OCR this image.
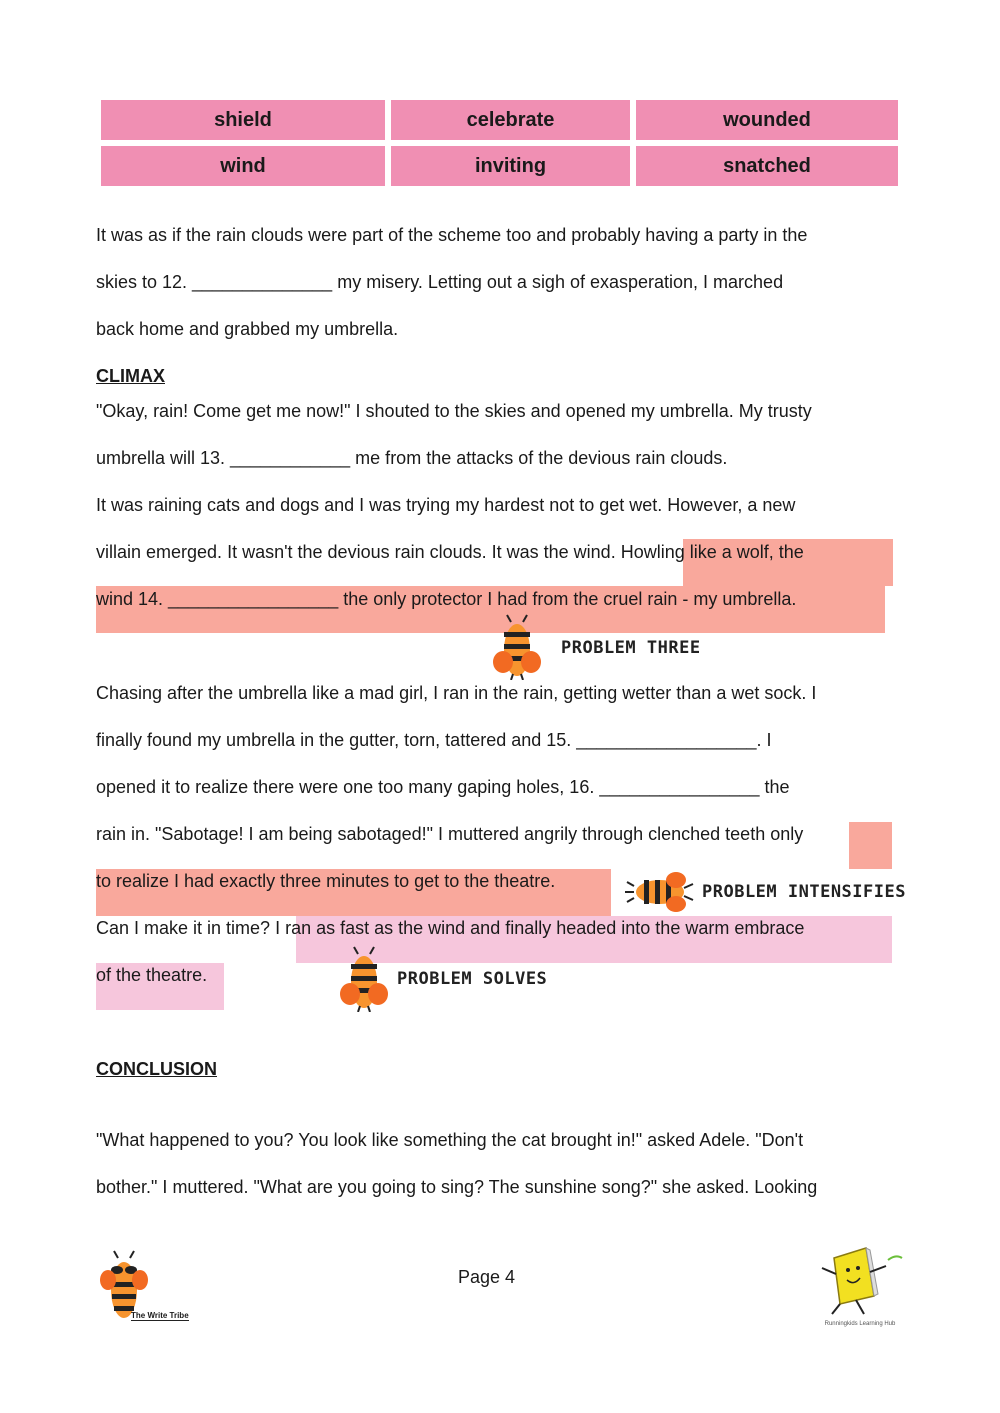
shield	celebrate	wounded
wind	inviting	snatched
It was as if the rain clouds were part of the scheme too and probably having a party in the
skies to 12. ______________ my misery. Letting out a sigh of exasperation, I marched
back home and grabbed my umbrella.
CLIMAX
"Okay, rain! Come get me now!" I shouted to the skies and opened my umbrella. My trusty
umbrella will 13. ____________ me from the attacks of the devious rain clouds.
It was raining cats and dogs and I was trying my hardest not to get wet. However, a new
villain emerged. It wasn't the devious rain clouds. It was the wind. Howling like a wolf, the
wind 14. _________________ the only protector I had from the cruel rain - my umbrella.
PROBLEM THREE
Chasing after the umbrella like a mad girl, I ran in the rain, getting wetter than a wet sock. I
finally found my umbrella in the gutter, torn, tattered and 15. __________________. I
opened it to realize there were one too many gaping holes, 16. ________________ the
rain in. "Sabotage! I am being sabotaged!" I muttered angrily through clenched teeth only
to realize I had exactly three minutes to get to the theatre.
PROBLEM INTENSIFIES
Can I make it in time? I ran as fast as the wind and finally headed into the warm embrace
of the theatre.	PROBLEM SOLVES
CONCLUSION
"What happened to you? You look like something the cat brought in!" asked Adele. "Don't
bother." I muttered. "What are you going to sing? The sunshine song?" she asked. Looking
The Write Tribe
Page 4
Runningkids Learning Hub
